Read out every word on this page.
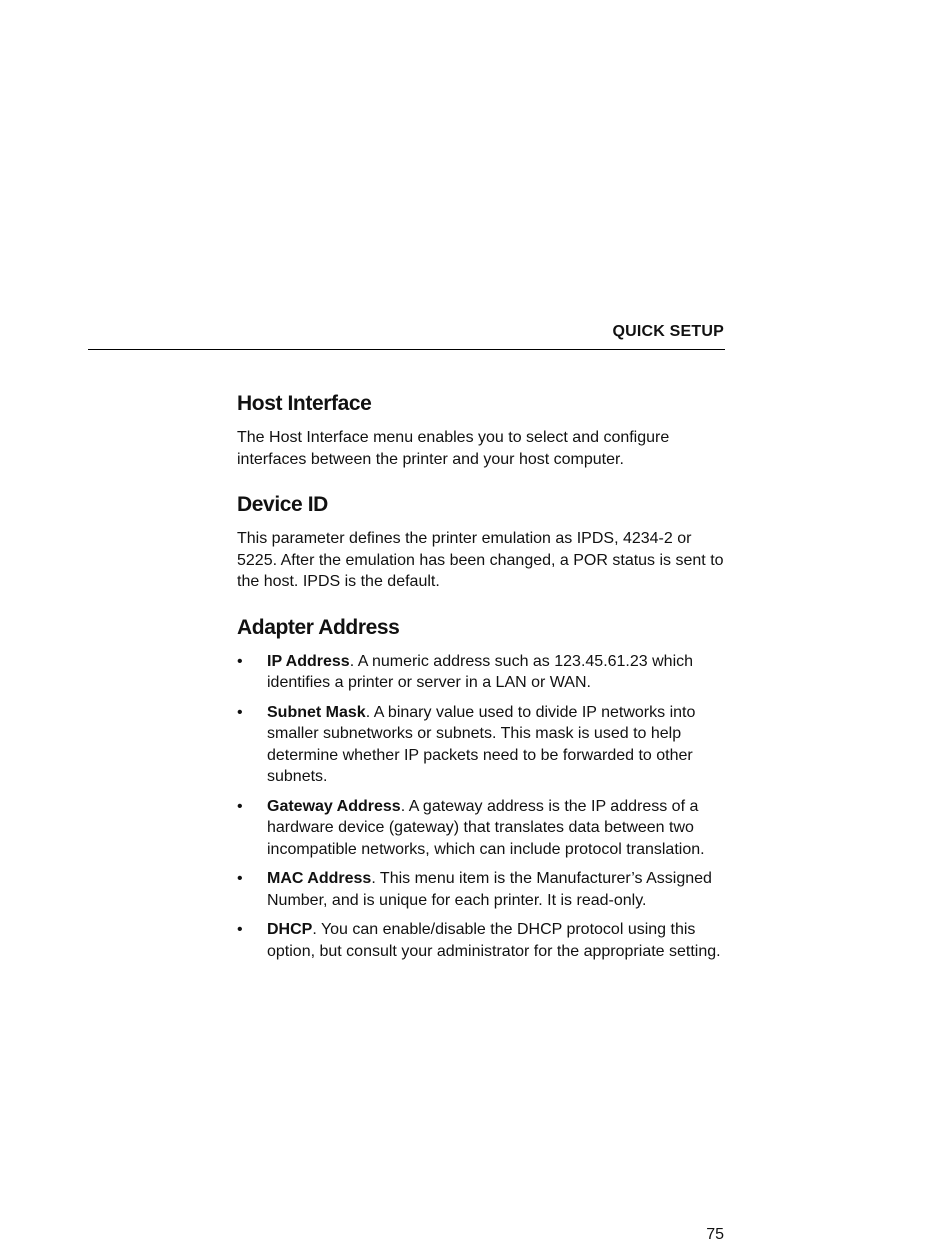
QUICK SETUP
Host Interface

The Host Interface menu enables you to select and configure interfaces between the printer and your host computer.

Device ID

This parameter defines the printer emulation as IPDS, 4234-2 or 5225. After the emulation has been changed, a POR status is sent to the host. IPDS is the default.

Adapter Address
• IP Address. A numeric address such as 123.45.61.23 which identifies a printer or server in a LAN or WAN.
• Subnet Mask. A binary value used to divide IP networks into smaller subnetworks or subnets. This mask is used to help determine whether IP packets need to be forwarded to other subnets.
• Gateway Address. A gateway address is the IP address of a hardware device (gateway) that translates data between two incompatible networks, which can include protocol translation.
• MAC Address. This menu item is the Manufacturer’s Assigned Number, and is unique for each printer. It is read-only.
• DHCP. You can enable/disable the DHCP protocol using this option, but consult your administrator for the appropriate setting.
75
